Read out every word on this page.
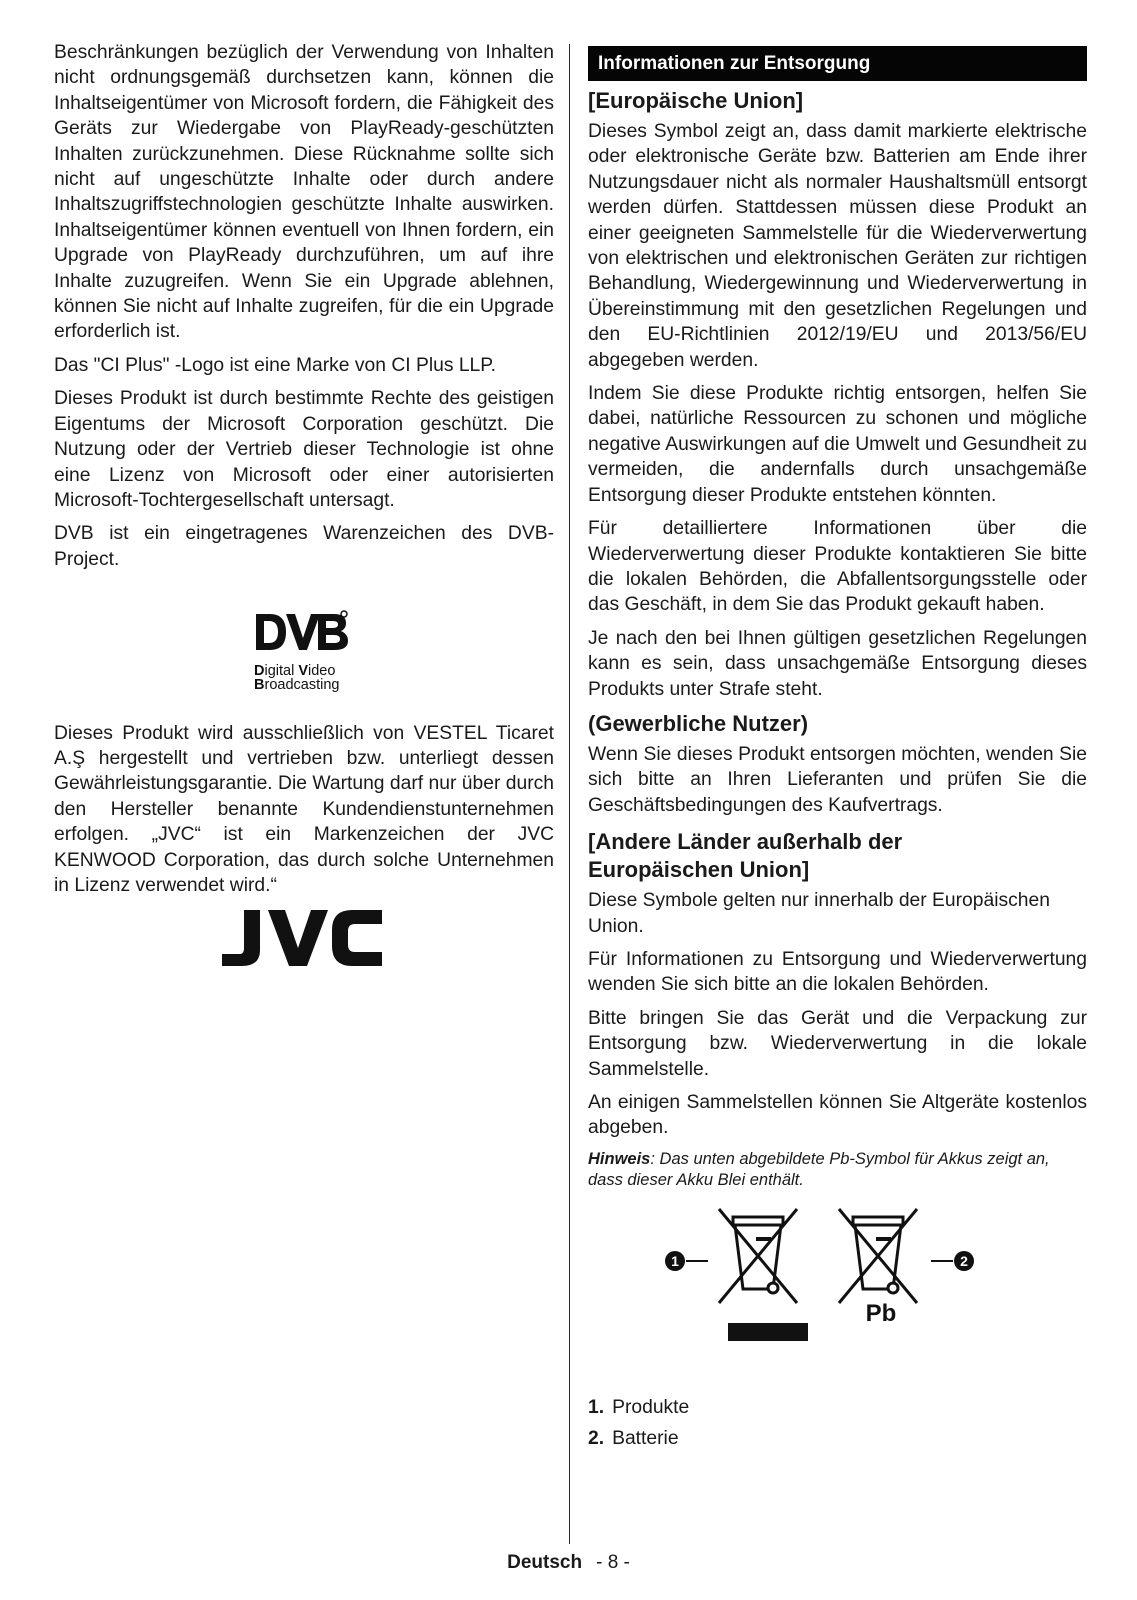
Beschränkungen bezüglich der Verwendung von Inhalten nicht ordnungsgemäß durchsetzen kann, können die Inhaltseigentümer von Microsoft fordern, die Fähigkeit des Geräts zur Wiedergabe von PlayReady-geschützten Inhalten zurückzunehmen. Diese Rücknahme sollte sich nicht auf ungeschützte Inhalte oder durch andere Inhaltszugriffstechnologien geschützte Inhalte auswirken. Inhaltseigentümer können eventuell von Ihnen fordern, ein Upgrade von PlayReady durchzuführen, um auf ihre Inhalte zuzugreifen. Wenn Sie ein Upgrade ablehnen, können Sie nicht auf Inhalte zugreifen, für die ein Upgrade erforderlich ist.

Das "CI Plus" -Logo ist eine Marke von CI Plus LLP.

Dieses Produkt ist durch bestimmte Rechte des geistigen Eigentums der Microsoft Corporation geschützt. Die Nutzung oder der Vertrieb dieser Technologie ist ohne eine Lizenz von Microsoft oder einer autorisierten Microsoft-Tochtergesellschaft untersagt.

DVB ist ein eingetragenes Warenzeichen des DVB-Project.

Digital Video
Broadcasting

Dieses Produkt wird ausschließlich von VESTEL Ticaret A.Ş hergestellt und vertrieben bzw. unterliegt dessen Gewährleistungsgarantie. Die Wartung darf nur über durch den Hersteller benannte Kundendienstunternehmen erfolgen. „JVC“ ist ein Markenzeichen der JVC KENWOOD Corporation, das durch solche Unternehmen in Lizenz verwendet wird.“

Informationen zur Entsorgung
[Europäische Union]

Dieses Symbol zeigt an, dass damit markierte elektrische oder elektronische Geräte bzw. Batterien am Ende ihrer Nutzungsdauer nicht als normaler Haushaltsmüll entsorgt werden dürfen. Stattdessen müssen diese Produkt an einer geeigneten Sammelstelle für die Wiederverwertung von elektrischen und elektronischen Geräten zur richtigen Behandlung, Wiedergewinnung und Wiederverwertung in Übereinstimmung mit den gesetzlichen Regelungen und den EU-Richtlinien 2012/19/EU und 2013/56/EU abgegeben werden.

Indem Sie diese Produkte richtig entsorgen, helfen Sie dabei, natürliche Ressourcen zu schonen und mögliche negative Auswirkungen auf die Umwelt und Gesundheit zu vermeiden, die andernfalls durch unsachgemäße Entsorgung dieser Produkte entstehen könnten.

Für detailliertere Informationen über die Wiederverwertung dieser Produkte kontaktieren Sie bitte die lokalen Behörden, die Abfallentsorgungsstelle oder das Geschäft, in dem Sie das Produkt gekauft haben.

Je nach den bei Ihnen gültigen gesetzlichen Regelungen kann es sein, dass unsachgemäße Entsorgung dieses Produkts unter Strafe steht.

(Gewerbliche Nutzer)

Wenn Sie dieses Produkt entsorgen möchten, wenden Sie sich bitte an Ihren Lieferanten und prüfen Sie die Geschäftsbedingungen des Kaufvertrags.

[Andere Länder außerhalb der
Europäischen Union]

Diese Symbole gelten nur innerhalb der Europäischen Union.

Für Informationen zu Entsorgung und Wiederverwertung wenden Sie sich bitte an die lokalen Behörden.

Bitte bringen Sie das Gerät und die Verpackung zur Entsorgung bzw. Wiederverwertung in die lokale Sammelstelle.

An einigen Sammelstellen können Sie Altgeräte kostenlos abgeben.

Hinweis: Das unten abgebildete Pb-Symbol für Akkus zeigt an, dass dieser Akku Blei enthält.

1
Pb
2
1. Produkte
2. Batterie
Deutsch - 8 -
